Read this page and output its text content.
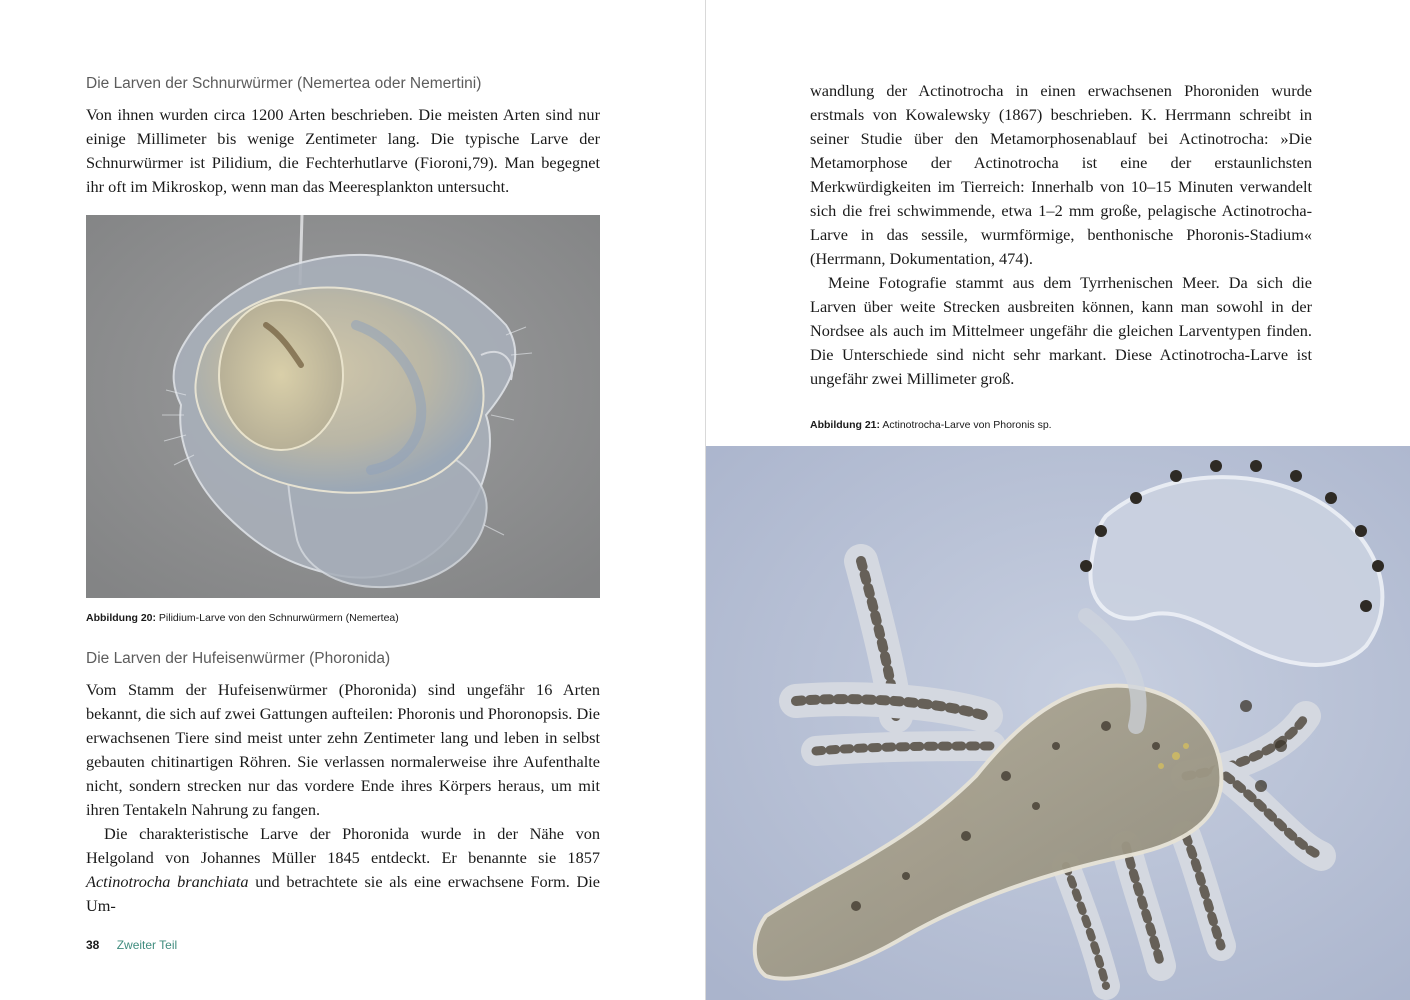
Die Larven der Schnurwürmer (Nemertea oder Nemertini)

Von ihnen wurden circa 1200 Arten beschrieben. Die meisten Arten sind nur einige Millimeter bis wenige Zentimeter lang. Die typische Larve der Schnurwürmer ist Pilidium, die Fechterhutlarve (Fioroni,79). Man begegnet ihr oft im Mikroskop, wenn man das Meeresplankton untersucht.

Abbildung 20: Pilidium-Larve von den Schnurwürmern (Nemertea)
Die Larven der Hufeisenwürmer (Phoronida)

Vom Stamm der Hufeisenwürmer (Phoronida) sind ungefähr 16 Arten bekannt, die sich auf zwei Gattungen aufteilen: Phoronis und Phoronopsis. Die erwachsenen Tiere sind meist unter zehn Zentimeter lang und leben in selbst gebauten chitinartigen Röhren. Sie verlassen normalerweise ihre Aufenthalte nicht, sondern strecken nur das vordere Ende ihres Körpers heraus, um mit ihren Tentakeln Nahrung zu fangen.

Die charakteristische Larve der Phoronida wurde in der Nähe von Helgoland von Johannes Müller 1845 entdeckt. Er benannte sie 1857 Actinotrocha branchiata und betrachtete sie als eine erwachsene Form. Die Um-

38 Zweiter Teil

wandlung der Actinotrocha in einen erwachsenen Phoroniden wurde erstmals von Kowalewsky (1867) beschrieben. K. Herrmann schreibt in seiner Studie über den Metamorphosenablauf bei Actinotrocha: »Die Metamorphose der Actinotrocha ist eine der erstaunlichsten Merkwürdigkeiten im Tierreich: Innerhalb von 10–15 Minuten verwandelt sich die frei schwimmende, etwa 1–2 mm große, pelagische Actinotrocha-Larve in das sessile, wurmförmige, benthonische Phoronis-Stadium« (Herrmann, Dokumentation, 474).

Meine Fotografie stammt aus dem Tyrrhenischen Meer. Da sich die Larven über weite Strecken ausbreiten können, kann man sowohl in der Nordsee als auch im Mittelmeer ungefähr die gleichen Larventypen finden. Die Unterschiede sind nicht sehr markant. Diese Actinotrocha-Larve ist ungefähr zwei Millimeter groß.

Abbildung 21: Actinotrocha-Larve von Phoronis sp.
